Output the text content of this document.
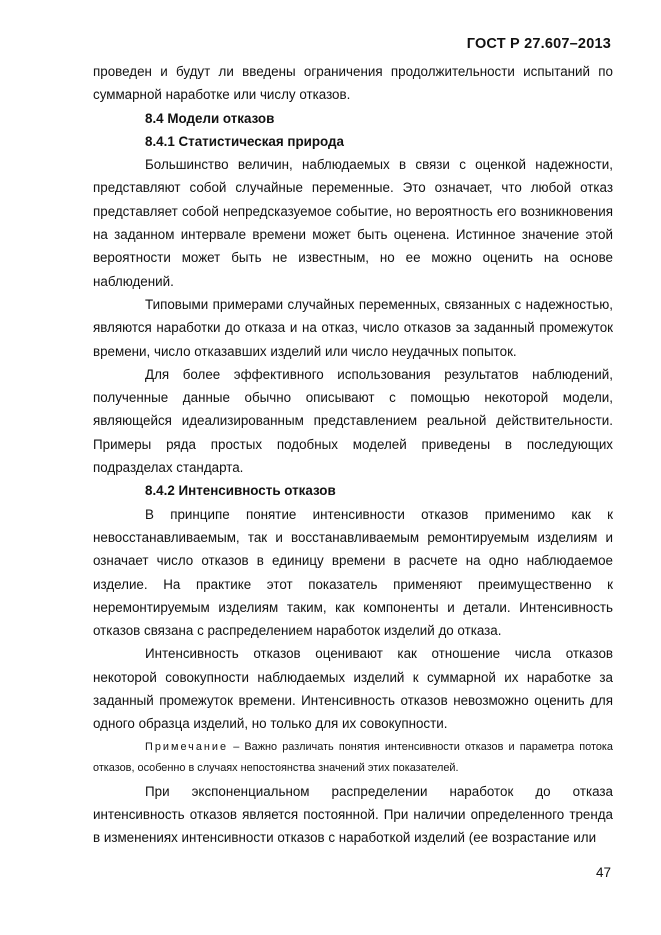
ГОСТ Р 27.607–2013

проведен и будут ли введены ограничения продолжительности испытаний по суммарной наработке или числу отказов.

8.4 Модели отказов

8.4.1 Статистическая природа

Большинство величин, наблюдаемых в связи с оценкой надежности, представляют собой случайные переменные. Это означает, что любой отказ представляет собой непредсказуемое событие, но вероятность его возникновения на заданном интервале времени может быть оценена. Истинное значение этой вероятности может быть не известным, но ее можно оценить на основе наблюдений.

Типовыми примерами случайных переменных, связанных с надежностью, являются наработки до отказа и на отказ, число отказов за заданный промежуток времени, число отказавших изделий или число неудачных попыток.

Для более эффективного использования результатов наблюдений, полученные данные обычно описывают с помощью некоторой модели, являющейся идеализированным представлением реальной действительности. Примеры ряда простых подобных моделей приведены в последующих подразделах стандарта.

8.4.2 Интенсивность отказов

В принципе понятие интенсивности отказов применимо как к невосстанавливаемым, так и восстанавливаемым ремонтируемым изделиям и означает число отказов в единицу времени в расчете на одно наблюдаемое изделие. На практике этот показатель применяют преимущественно к неремонтируемым изделиям таким, как компоненты и детали. Интенсивность отказов связана с распределением наработок изделий до отказа.

Интенсивность отказов оценивают как отношение числа отказов некоторой совокупности наблюдаемых изделий к суммарной их наработке за заданный промежуток времени. Интенсивность отказов невозможно оценить для одного образца изделий, но только для их совокупности.

Примечание – Важно различать понятия интенсивности отказов и параметра потока отказов, особенно в случаях непостоянства значений этих показателей.

При экспоненциальном распределении наработок до отказа интенсивность отказов является постоянной. При наличии определенного тренда в изменениях интенсивности отказов с наработкой изделий (ее возрастание или

47
